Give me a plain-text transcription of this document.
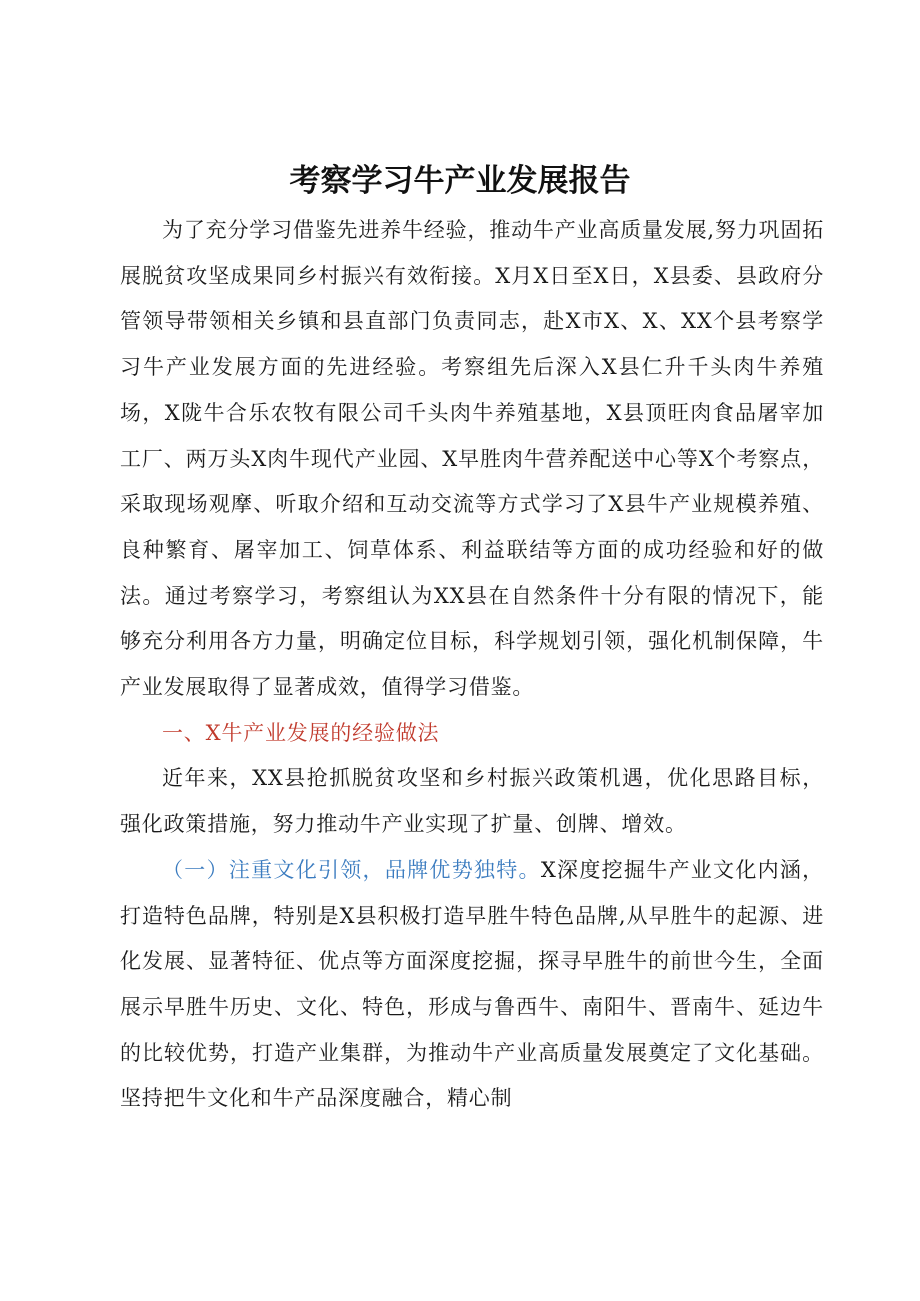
考察学习牛产业发展报告

为了充分学习借鉴先进养牛经验，推动牛产业高质量发展,努力巩固拓展脱贫攻坚成果同乡村振兴有效衔接。X月X日至X日，X县委、县政府分管领导带领相关乡镇和县直部门负责同志，赴X市X、X、XX个县考察学习牛产业发展方面的先进经验。考察组先后深入X县仁升千头肉牛养殖场，X陇牛合乐农牧有限公司千头肉牛养殖基地，X县顶旺肉食品屠宰加工厂、两万头X肉牛现代产业园、X早胜肉牛营养配送中心等X个考察点，采取现场观摩、听取介绍和互动交流等方式学习了X县牛产业规模养殖、良种繁育、屠宰加工、饲草体系、利益联结等方面的成功经验和好的做法。通过考察学习，考察组认为XX县在自然条件十分有限的情况下，能够充分利用各方力量，明确定位目标，科学规划引领，强化机制保障，牛产业发展取得了显著成效，值得学习借鉴。

一、X牛产业发展的经验做法

近年来，XX县抢抓脱贫攻坚和乡村振兴政策机遇，优化思路目标，强化政策措施，努力推动牛产业实现了扩量、创牌、增效。

（一）注重文化引领，品牌优势独特。X深度挖掘牛产业文化内涵，打造特色品牌，特别是X县积极打造早胜牛特色品牌,从早胜牛的起源、进化发展、显著特征、优点等方面深度挖掘，探寻早胜牛的前世今生，全面展示早胜牛历史、文化、特色，形成与鲁西牛、南阳牛、晋南牛、延边牛的比较优势，打造产业集群，为推动牛产业高质量发展奠定了文化基础。坚持把牛文化和牛产品深度融合，精心制
